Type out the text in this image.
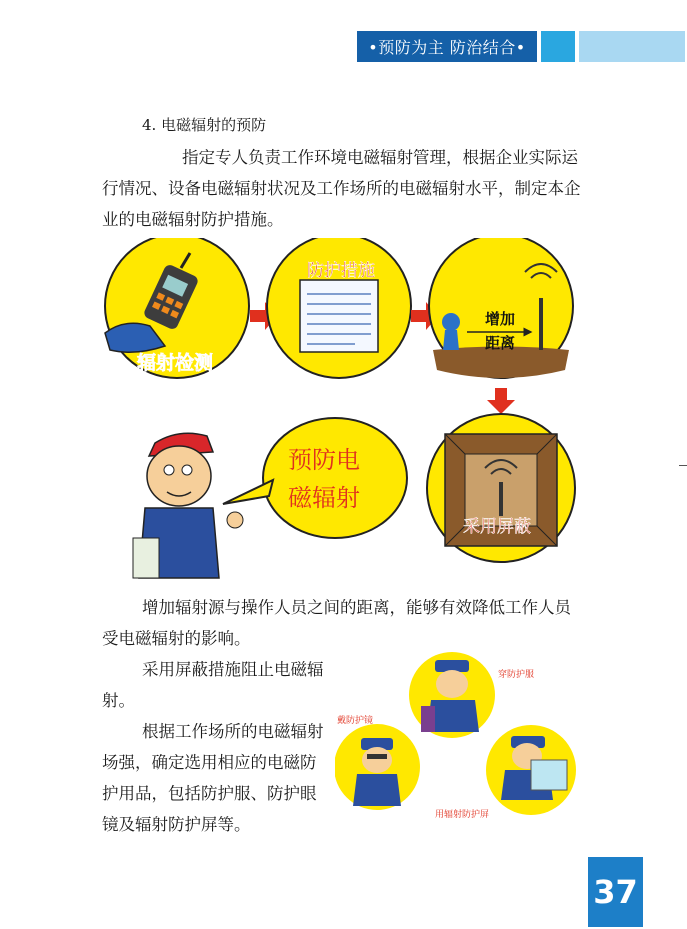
•预防为主 防治结合•
4. 电磁辐射的预防

指定专人负责工作环境电磁辐射管理，根据企业实际运行情况、设备电磁辐射状况及工作场所的电磁辐射水平，制定本企业的电磁辐射防护措施。

辐射检测
防护措施
增加
距离
采用屏蔽
预防电
磁辐射

增加辐射源与操作人员之间的距离，能够有效降低工作人员受电磁辐射的影响。

采用屏蔽措施阻止电磁辐射。

根据工作场所的电磁辐射场强，确定选用相应的电磁防护用品，包括防护服、防护眼镜及辐射防护屏等。

穿防护服
戴防护镜
用辐射防护屏
37
